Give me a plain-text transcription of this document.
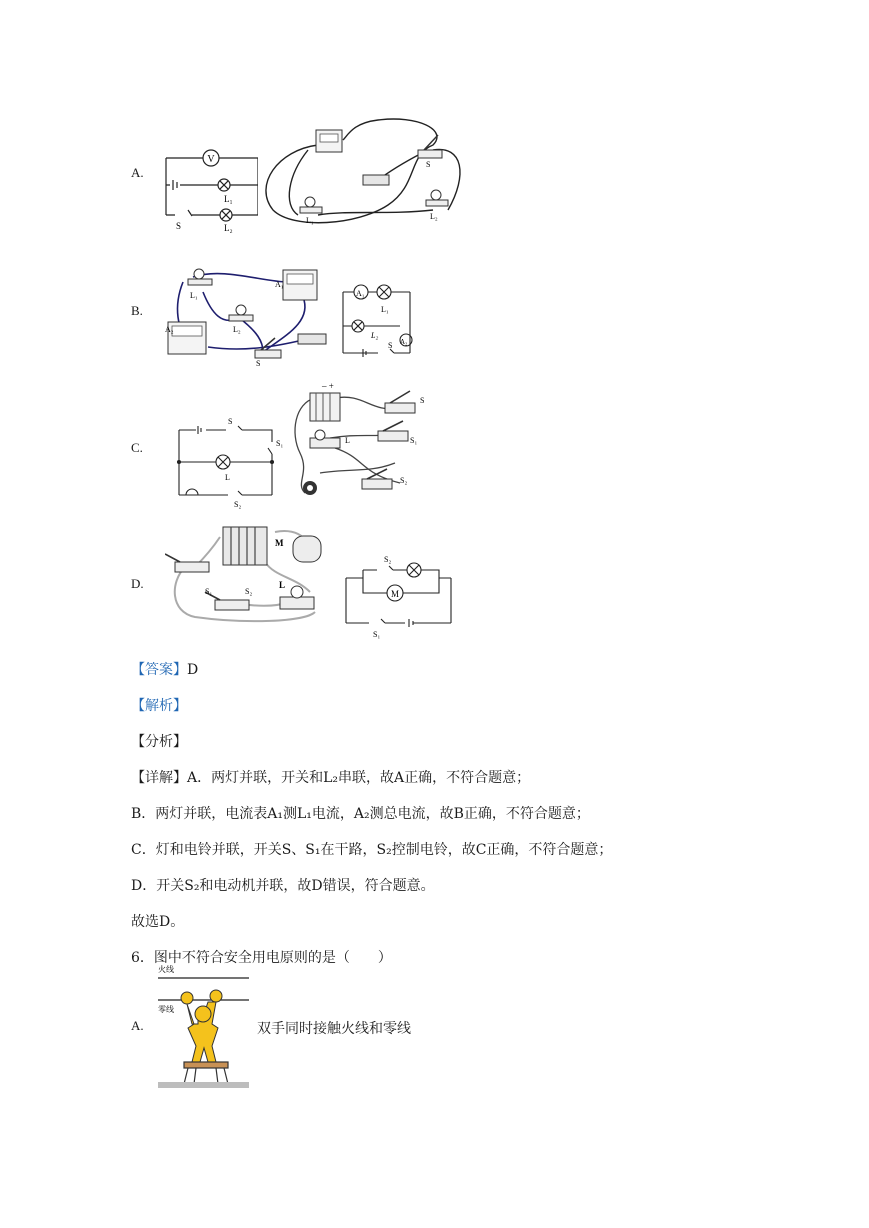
A.
V
L₁
L₂
S
L₁	L₂
S
B.
A₁
A₂
L₁
L₂
S
A₁
A₂
L₁
L₂
S
C.
S
S₁
L
S₂
– +
S
S₁
S₂
L
D.
M
L
S₁	S₂	M
S₂
S₁
【答案】D
【解析】
【分析】
【详解】A．两灯并联，开关和L₂串联，故A正确，不符合题意；
B．两灯并联，电流表A₁测L₁电流，A₂测总电流，故B正确，不符合题意；
C．灯和电铃并联，开关S、S₁在干路，S₂控制电铃，故C正确，不符合题意；
D．开关S₂和电动机并联，故D错误，符合题意。
故选D。
6．图中不符合安全用电原则的是（　　）
A.
火线
零线
双手同时接触火线和零线
